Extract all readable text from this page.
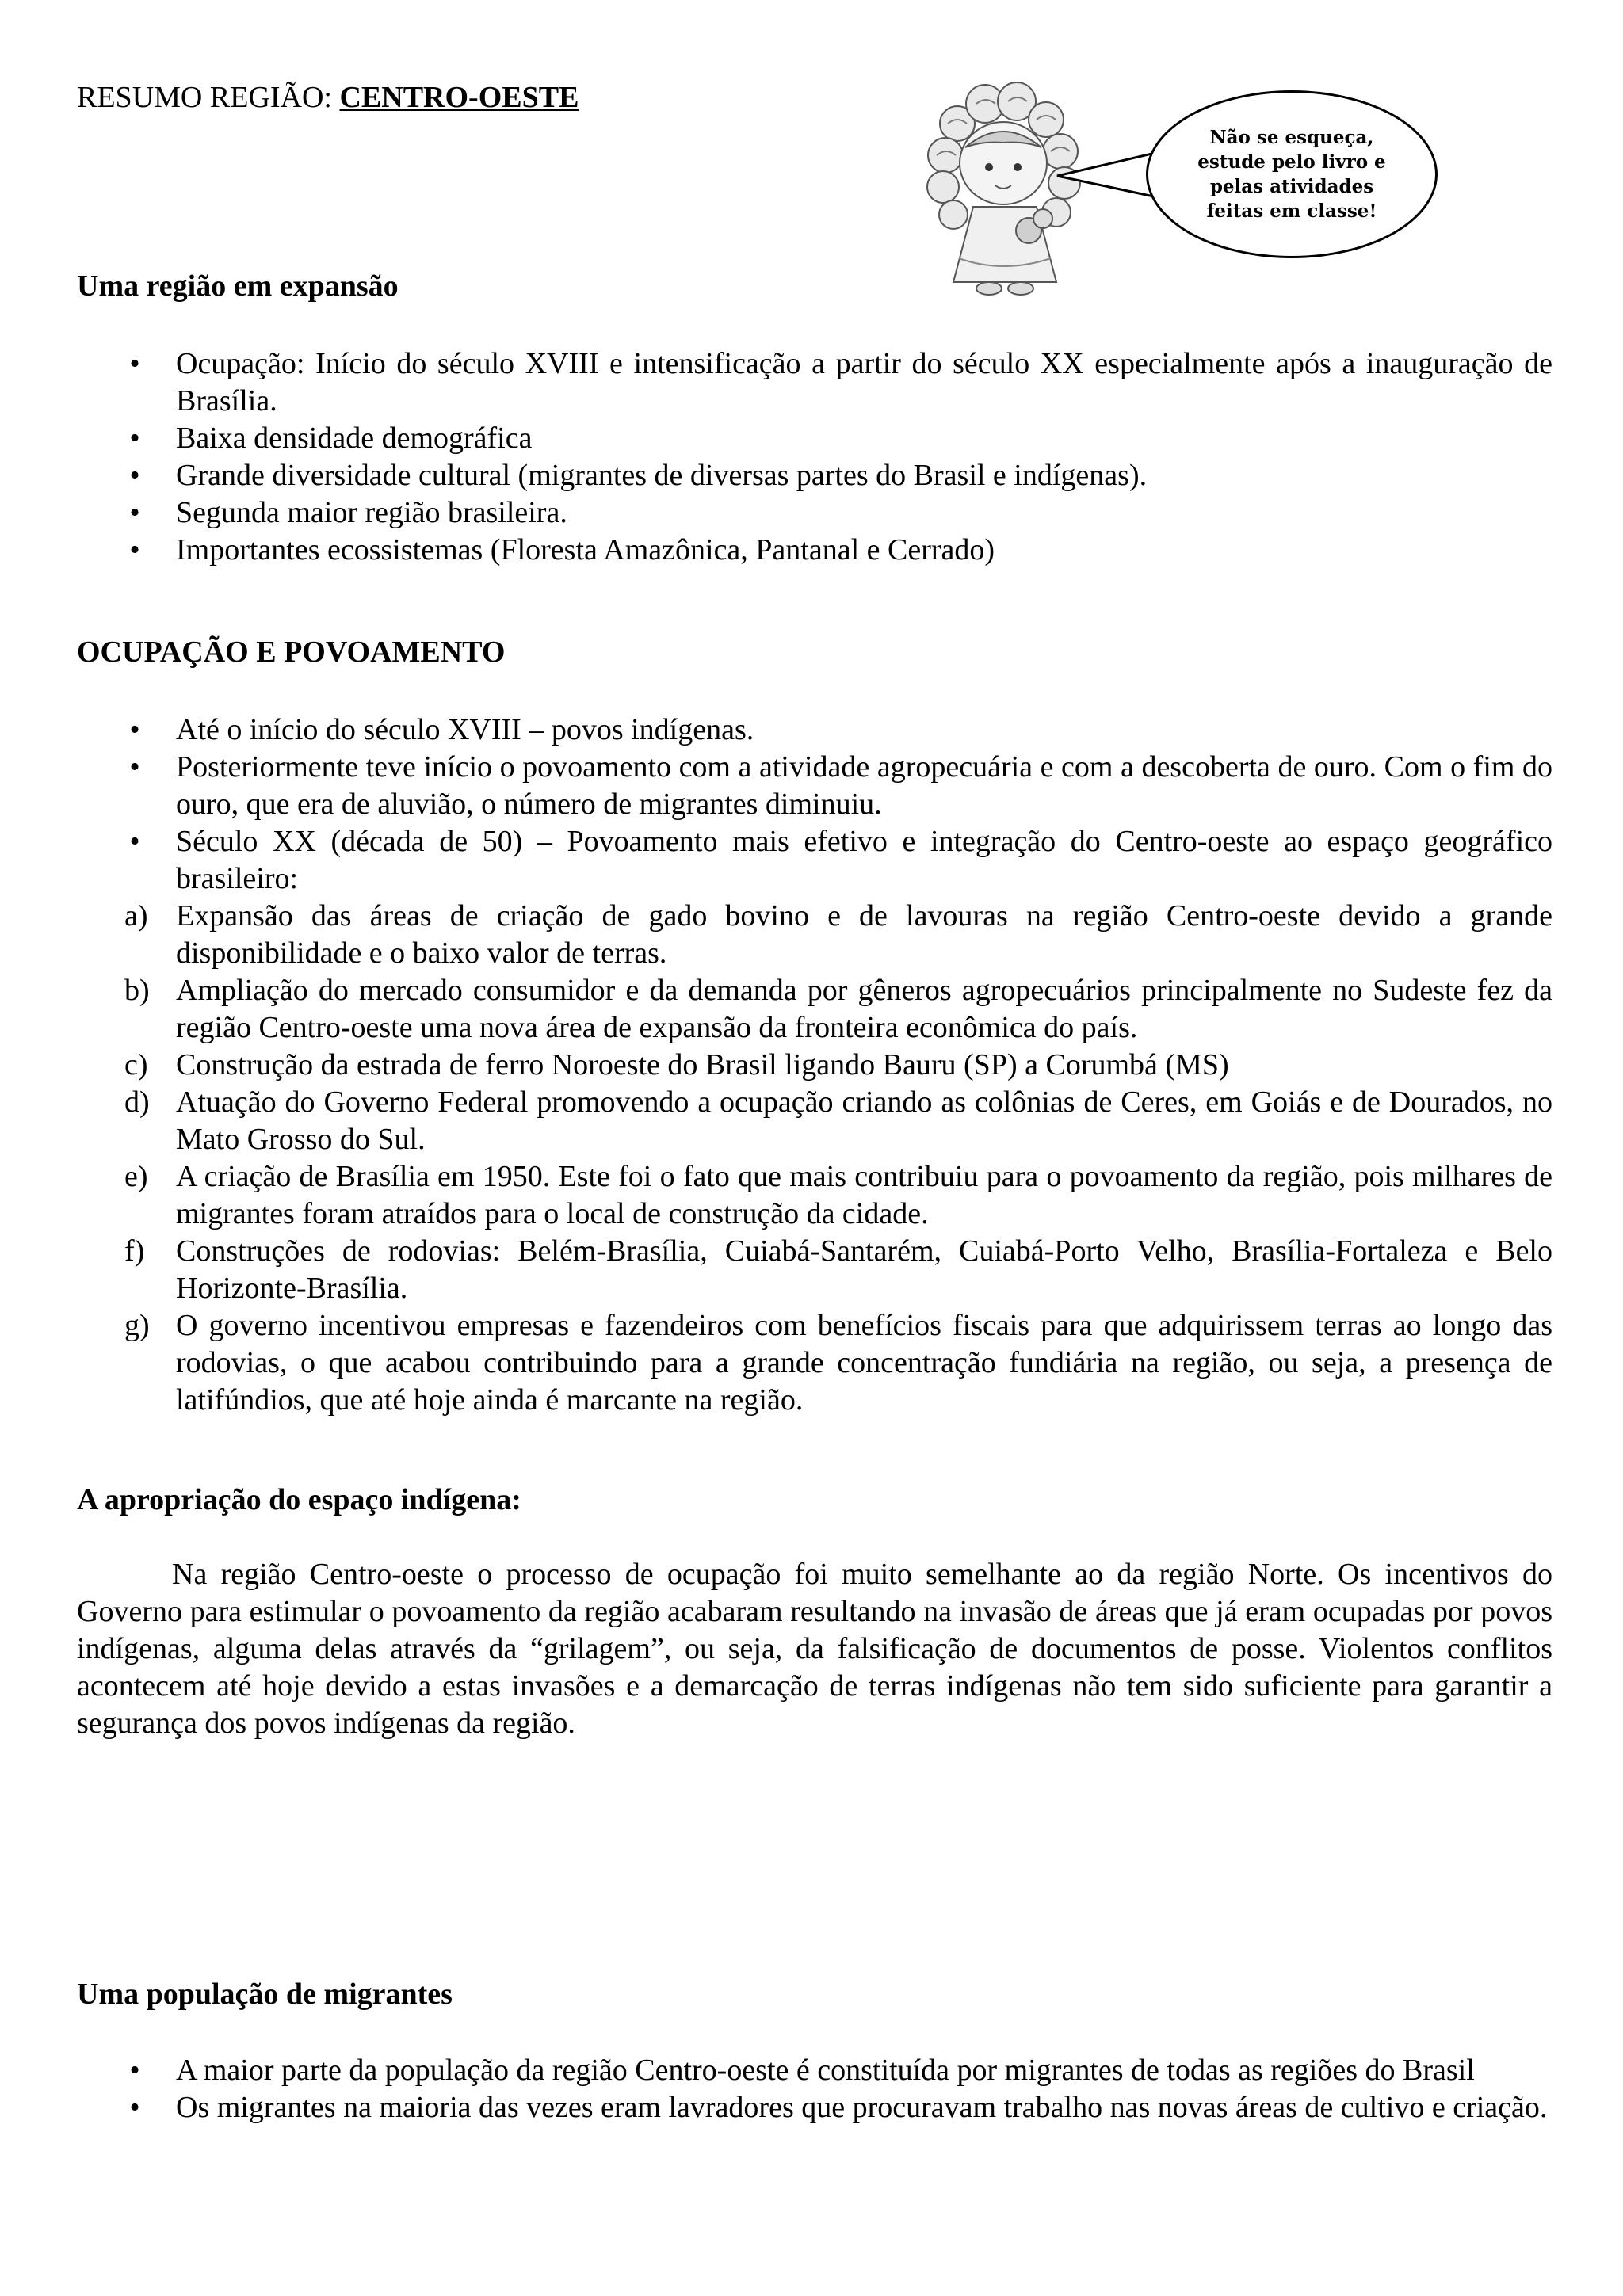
RESUMO REGIÃO: CENTRO-OESTE
Não se esqueça, estude pelo livro e pelas atividades feitas em classe!
Uma região em expansão
• Ocupação: Início do século XVIII e intensificação a partir do século XX especialmente após a inauguração de Brasília.
• Baixa densidade demográfica
• Grande diversidade cultural (migrantes de diversas partes do Brasil e indígenas).
• Segunda maior região brasileira.
• Importantes ecossistemas (Floresta Amazônica, Pantanal e Cerrado)
OCUPAÇÃO E POVOAMENTO
• Até o início do século XVIII – povos indígenas.
• Posteriormente teve início o povoamento com a atividade agropecuária e com a descoberta de ouro. Com o fim do ouro, que era de aluvião, o número de migrantes diminuiu.
• Século XX (década de 50) – Povoamento mais efetivo e integração do Centro-oeste ao espaço geográfico brasileiro:
a) Expansão das áreas de criação de gado bovino e de lavouras na região Centro-oeste devido a grande disponibilidade e o baixo valor de terras.
b) Ampliação do mercado consumidor e da demanda por gêneros agropecuários principalmente no Sudeste fez da região Centro-oeste uma nova área de expansão da fronteira econômica do país.
c) Construção da estrada de ferro Noroeste do Brasil ligando Bauru (SP) a Corumbá (MS)
d) Atuação do Governo Federal promovendo a ocupação criando as colônias de Ceres, em Goiás e de Dourados, no Mato Grosso do Sul.
e) A criação de Brasília em 1950. Este foi o fato que mais contribuiu para o povoamento da região, pois milhares de migrantes foram atraídos para o local de construção da cidade.
f) Construções de rodovias: Belém-Brasília, Cuiabá-Santarém, Cuiabá-Porto Velho, Brasília-Fortaleza e Belo Horizonte-Brasília.
g) O governo incentivou empresas e fazendeiros com benefícios fiscais para que adquirissem terras ao longo das rodovias, o que acabou contribuindo para a grande concentração fundiária na região, ou seja, a presença de latifúndios, que até hoje ainda é marcante na região.
A apropriação do espaço indígena:

Na região Centro-oeste o processo de ocupação foi muito semelhante ao da região Norte. Os incentivos do Governo para estimular o povoamento da região acabaram resultando na invasão de áreas que já eram ocupadas por povos indígenas, alguma delas através da “grilagem”, ou seja, da falsificação de documentos de posse. Violentos conflitos acontecem até hoje devido a estas invasões e a demarcação de terras indígenas não tem sido suficiente para garantir a segurança dos povos indígenas da região.

Uma população de migrantes
• A maior parte da população da região Centro-oeste é constituída por migrantes de todas as regiões do Brasil
• Os migrantes na maioria das vezes eram lavradores que procuravam trabalho nas novas áreas de cultivo e criação.
